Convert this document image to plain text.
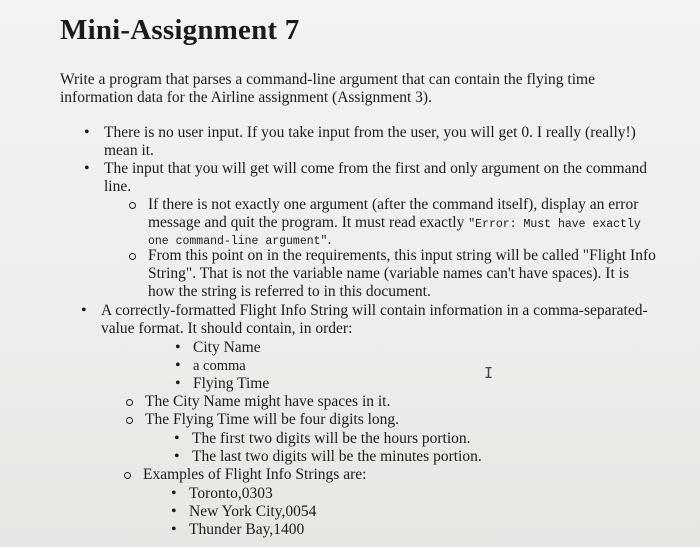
Mini-Assignment 7
Write a program that parses a command-line argument that can contain the flying time information data for the Airline assignment (Assignment 3).
• There is no user input. If you take input from the user, you will get 0. I really (really!)
mean it.
• The input that you will get will come from the first and only argument on the command
line.
If there is not exactly one argument (after the command itself), display an error
message and quit the program. It must read exactly "Error: Must have exactly
one command-line argument".
From this point on in the requirements, this input string will be called "Flight Info
String". That is not the variable name (variable names can't have spaces). It is
how the string is referred to in this document.
• A correctly-formatted Flight Info String will contain information in a comma-separated-
value format. It should contain, in order:
• City Name
• a comma
• Flying Time
I
The City Name might have spaces in it.
The Flying Time will be four digits long.
• The first two digits will be the hours portion.
• The last two digits will be the minutes portion.
Examples of Flight Info Strings are:
• Toronto,0303
• New York City,0054
• Thunder Bay,1400
